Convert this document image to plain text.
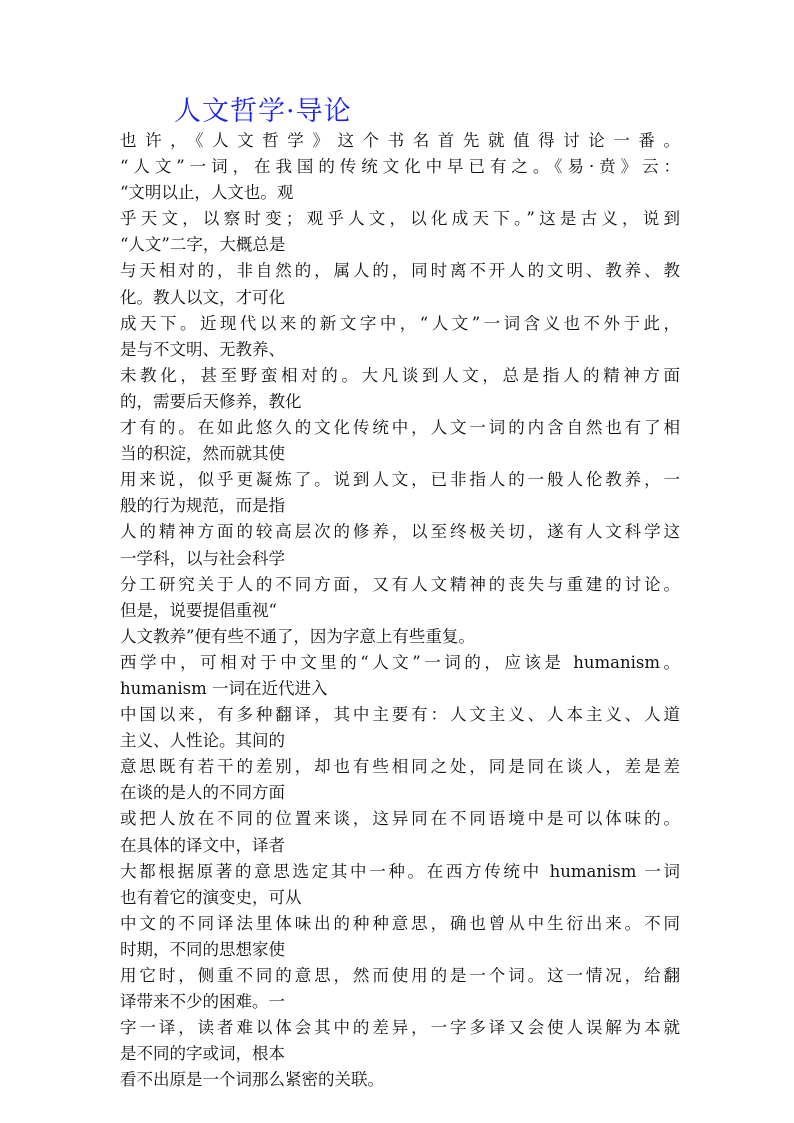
人文哲学·导论
也许，《人文哲学》这个书名首先就值得讨论一番。
“人文”一词，在我国的传统文化中早已有之。《易·贲》云：
“文明以止，人文也。观
乎天文，以察时变；观乎人文，以化成天下。”这是古义，说到
“人文”二字，大概总是
与天相对的，非自然的，属人的，同时离不开人的文明、教养、教
化。教人以文，才可化
成天下。近现代以来的新文字中，“人文”一词含义也不外于此，
是与不文明、无教养、
未教化，甚至野蛮相对的。大凡谈到人文，总是指人的精神方面
的，需要后天修养，教化
才有的。在如此悠久的文化传统中，人文一词的内含自然也有了相
当的积淀，然而就其使
用来说，似乎更凝炼了。说到人文，已非指人的一般人伦教养，一
般的行为规范，而是指
人的精神方面的较高层次的修养，以至终极关切，遂有人文科学这
一学科，以与社会科学
分工研究关于人的不同方面，又有人文精神的丧失与重建的讨论。
但是，说要提倡重视“
人文教养”便有些不通了，因为字意上有些重复。
西学中，可相对于中文里的“人文”一词的，应该是 humanism。
humanism 一词在近代进入
中国以来，有多种翻译，其中主要有：人文主义、人本主义、人道
主义、人性论。其间的
意思既有若干的差别，却也有些相同之处，同是同在谈人，差是差
在谈的是人的不同方面
或把人放在不同的位置来谈，这异同在不同语境中是可以体味的。
在具体的译文中，译者
大都根据原著的意思选定其中一种。在西方传统中 humanism 一词
也有着它的演变史，可从
中文的不同译法里体味出的种种意思，确也曾从中生衍出来。不同
时期，不同的思想家使
用它时，侧重不同的意思，然而使用的是一个词。这一情况，给翻
译带来不少的困难。一
字一译，读者难以体会其中的差异，一字多译又会使人误解为本就
是不同的字或词，根本
看不出原是一个词那么紧密的关联。
